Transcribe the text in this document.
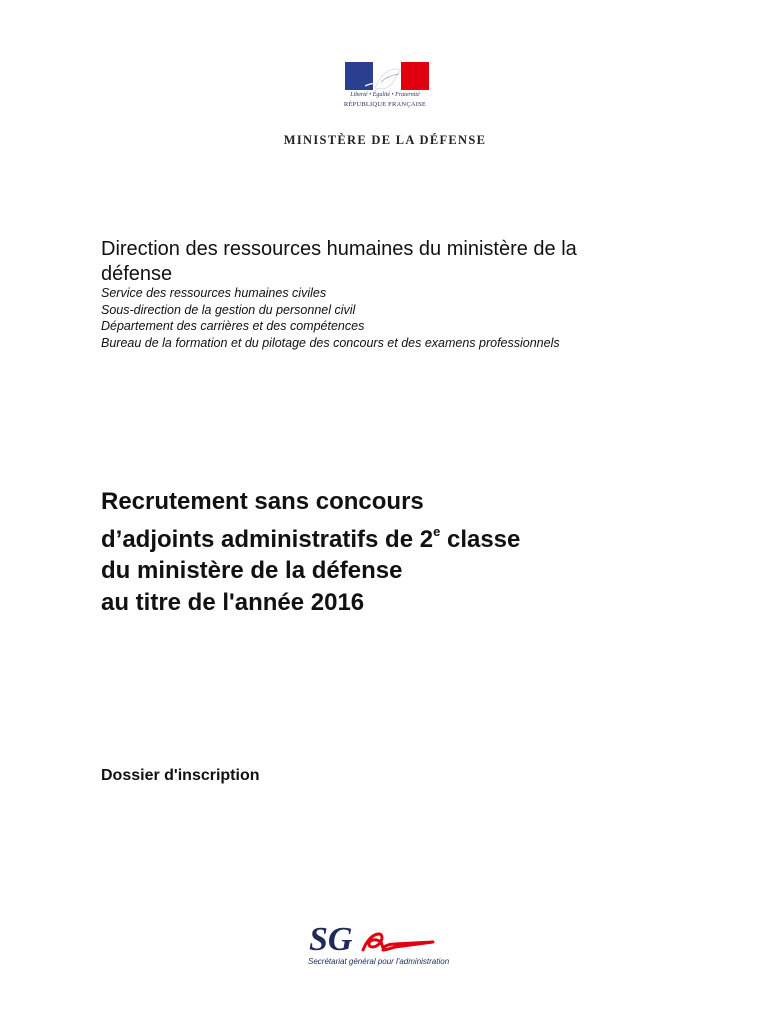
Liberté • Égalité • Fraternité
RÉPUBLIQUE FRANÇAISE
MINISTÈRE DE LA DÉFENSE
Direction des ressources humaines du ministère de la
défense
Service des ressources humaines civiles
Sous-direction de la gestion du personnel civil
Département des carrières et des compétences
Bureau de la formation et du pilotage des concours et des examens professionnels
Recrutement sans concours
d’adjoints administratifs de 2e classe
du ministère de la défense
au titre de l'année 2016
Dossier d'inscription
SG
Secrétariat général pour l'administration
